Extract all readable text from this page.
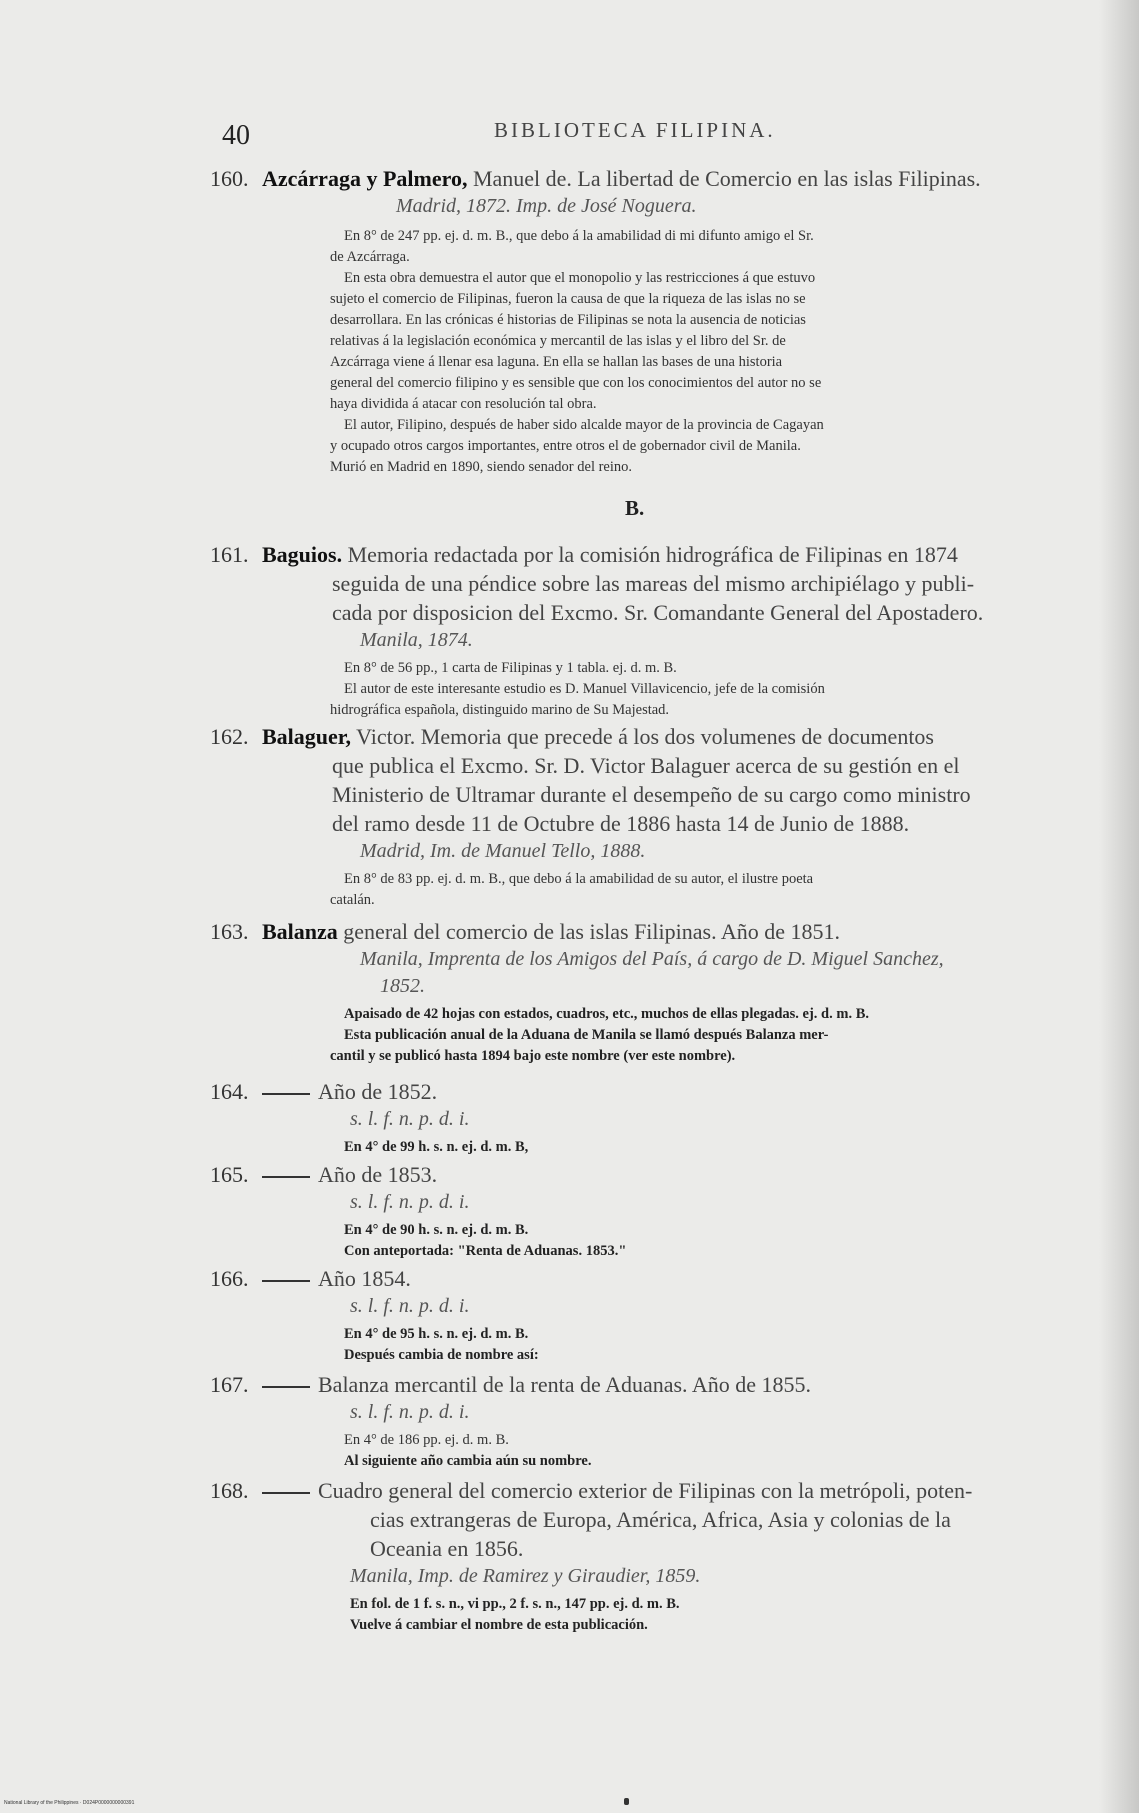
40	BIBLIOTECA FILIPINA.
160. Azcárraga y Palmero, Manuel de. La libertad de Comercio en las islas Filipinas.
Madrid, 1872. Imp. de José Noguera.
En 8° de 247 pp. ej. d. m. B., que debo á la amabilidad di mi difunto amigo el Sr.
de Azcárraga.
En esta obra demuestra el autor que el monopolio y las restricciones á que estuvo
sujeto el comercio de Filipinas, fueron la causa de que la riqueza de las islas no se
desarrollara. En las crónicas é historias de Filipinas se nota la ausencia de noticias
relativas á la legislación económica y mercantil de las islas y el libro del Sr. de
Azcárraga viene á llenar esa laguna. En ella se hallan las bases de una historia
general del comercio filipino y es sensible que con los conocimientos del autor no se
haya dividida á atacar con resolución tal obra.
El autor, Filipino, después de haber sido alcalde mayor de la provincia de Cagayan
y ocupado otros cargos importantes, entre otros el de gobernador civil de Manila.
Murió en Madrid en 1890, siendo senador del reino.
B.
161. Baguios. Memoria redactada por la comisión hidrográfica de Filipinas en 1874
seguida de una péndice sobre las mareas del mismo archipiélago y publi-
cada por disposicion del Excmo. Sr. Comandante General del Apostadero.
Manila, 1874.
En 8° de 56 pp., 1 carta de Filipinas y 1 tabla. ej. d. m. B.
El autor de este interesante estudio es D. Manuel Villavicencio, jefe de la comisión
hidrográfica española, distinguido marino de Su Majestad.
162. Balaguer, Victor. Memoria que precede á los dos volumenes de documentos
que publica el Excmo. Sr. D. Victor Balaguer acerca de su gestión en el
Ministerio de Ultramar durante el desempeño de su cargo como ministro
del ramo desde 11 de Octubre de 1886 hasta 14 de Junio de 1888.
Madrid, Im. de Manuel Tello, 1888.
En 8° de 83 pp. ej. d. m. B., que debo á la amabilidad de su autor, el ilustre poeta
catalán.
163. Balanza general del comercio de las islas Filipinas. Año de 1851.
Manila, Imprenta de los Amigos del País, á cargo de D. Miguel Sanchez,
1852.
Apaisado de 42 hojas con estados, cuadros, etc., muchos de ellas plegadas. ej. d. m. B.
Esta publicación anual de la Aduana de Manila se llamó después Balanza mer-
cantil y se publicó hasta 1894 bajo este nombre (ver este nombre).
164.	Año de 1852.
s. l. f. n. p. d. i.
En 4° de 99 h. s. n. ej. d. m. B,
165.	Año de 1853.
s. l. f. n. p. d. i.
En 4° de 90 h. s. n. ej. d. m. B.
Con anteportada: "Renta de Aduanas. 1853."
166.	Año 1854.
s. l. f. n. p. d. i.
En 4° de 95 h. s. n. ej. d. m. B.
Después cambia de nombre así:
167.	Balanza mercantil de la renta de Aduanas. Año de 1855.
s. l. f. n. p. d. i.
En 4° de 186 pp. ej. d. m. B.
Al siguiente año cambia aún su nombre.
168.	Cuadro general del comercio exterior de Filipinas con la metrópoli, poten-
cias extrangeras de Europa, América, Africa, Asia y colonias de la
Oceania en 1856.
Manila, Imp. de Ramirez y Giraudier, 1859.
En fol. de 1 f. s. n., vi pp., 2 f. s. n., 147 pp. ej. d. m. B.
Vuelve á cambiar el nombre de esta publicación.
National Library of the Philippines · D024P0000000000391
